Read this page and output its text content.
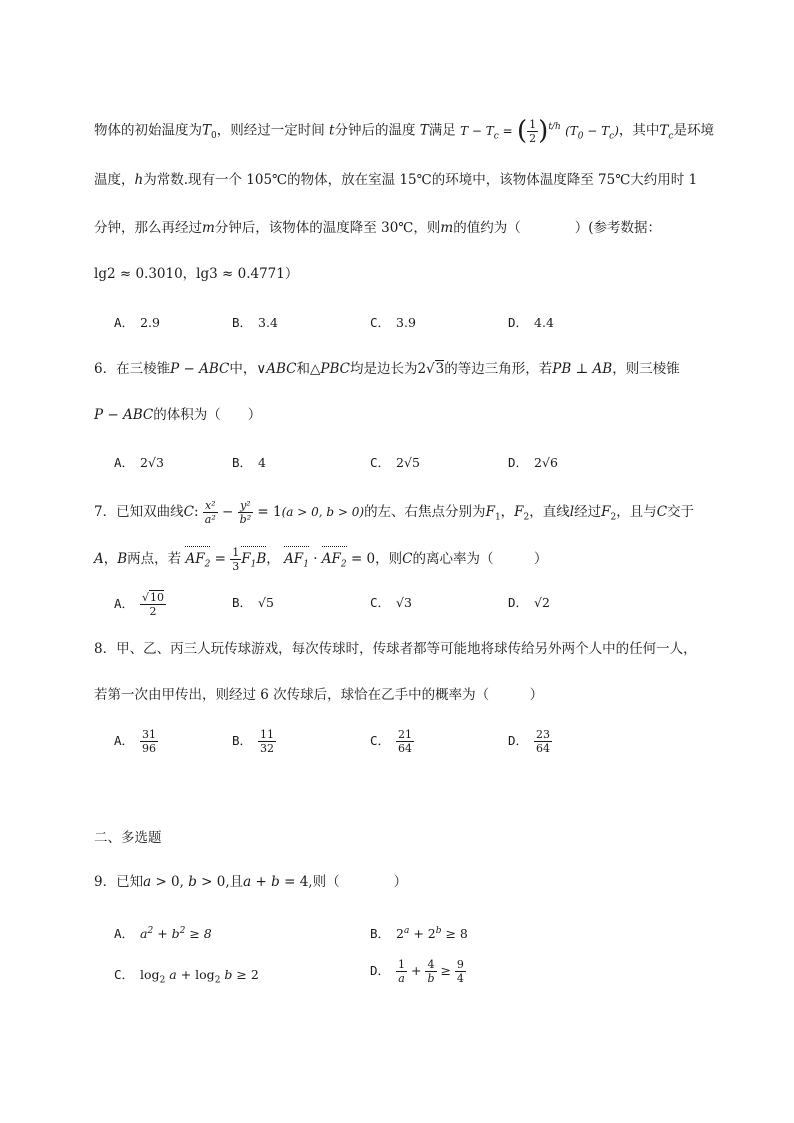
物体的初始温度为$T_0$，则经过一定时间 t分钟后的温度 T满足 $T - T_c$ = ( $\frac{1}{2} )^{t/h}$ $(T_0 - T_c)$，其中$T_c$是环境
温度，h为常数.现有一个 105℃的物体，放在室温 15℃的环境中，该物体温度降至 75℃大约用时 1
分钟，那么再经过m分钟后，该物体的温度降至 30℃，则m的值约为（　　　　）(参考数据：
lg2 ≈ 0.3010，lg3 ≈ 0.4771）
A． 2.9	B． 3.4	C． 3.9	D． 4.4
6．在三棱锥P − ABC中，∨ABC和△PBC均是边长为2√3的等边三角形，若PB ⊥ AB，则三棱锥
P − ABC的体积为（　　）
A． 2√3	B． 4	C． 2√5	D． 2√6
7．已知双曲线C: $\frac{\text{x²}}{\text{a²}} - \frac{\text{y²}}{\text{b²}} = 1(a > 0$, b > 0)的左、右焦点分别为$F_1$，$F_2$，直线l经过$F_2$，且与C交于
A，B两点，若 $AF_2 = \frac{1}{3} F_1B$， $AF_1 \cdot AF_2 = 0$，则C的离心率为（　　　）
A． $\frac{√10}{2}$	B． √5	C． √3	D． √2
8．甲、乙、丙三人玩传球游戏，每次传球时，传球者都等可能地将球传给另外两个人中的任何一人，
若第一次由甲传出，则经过 6 次传球后，球恰在乙手中的概率为（　　　）
A． $\frac{31}{96}$	B． $\frac{11}{32}$	C． $\frac{21}{64}$	D． $\frac{23}{64}$
二、多选题
9．已知a > 0, b > 0,且a + b = 4,则（　　　　）
A． $a^2 + b^2 \ge 8$	B． $2^a + 2^b \ge 8$
C． $\log_2 a + \log_2 b \ge 2$	D． $\frac{1}{a} + \frac{4}{b} \ge \frac{9}{4}$
